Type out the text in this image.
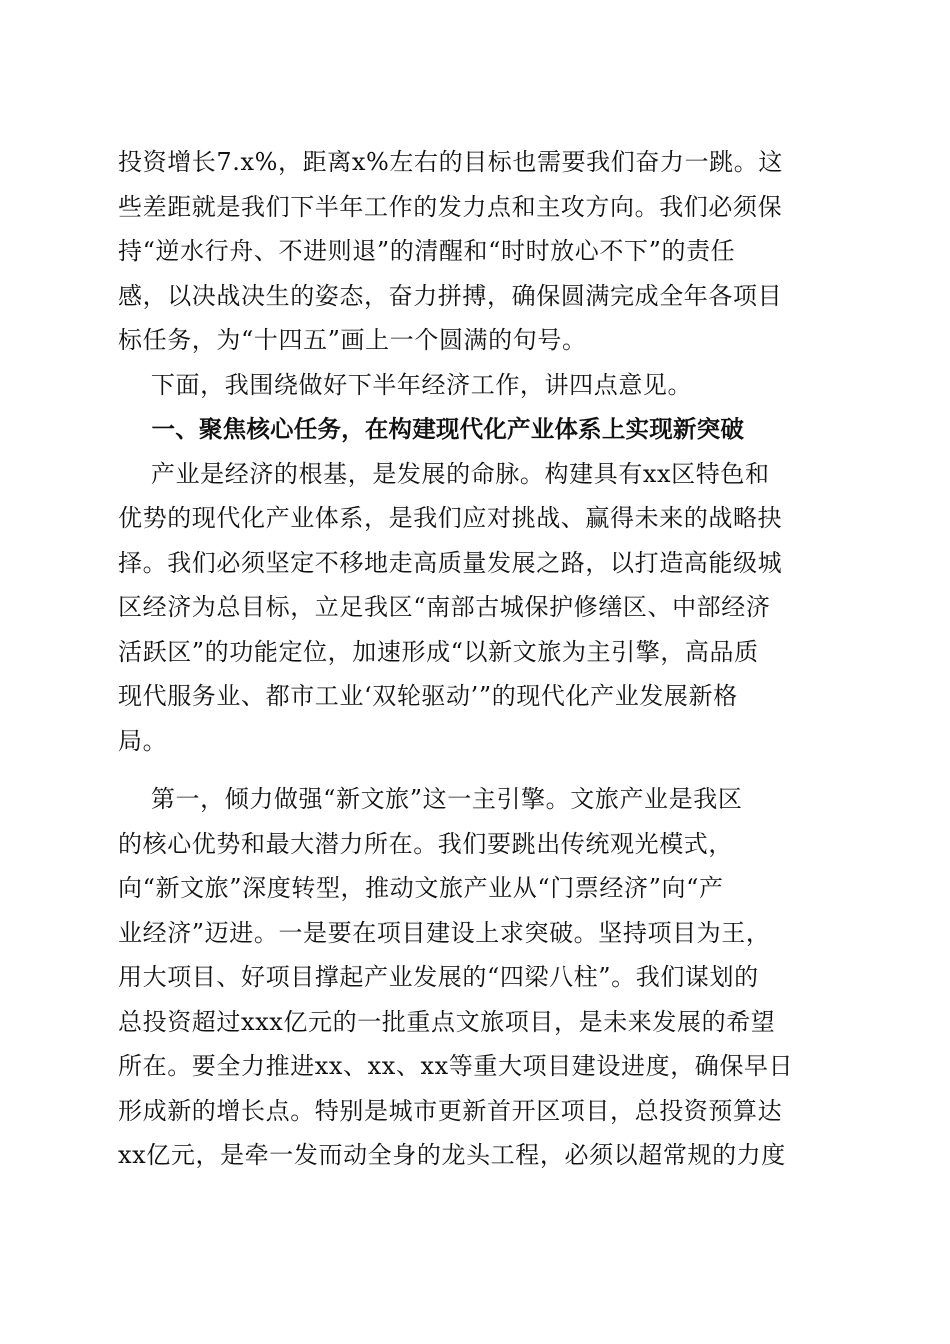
投资增长7.x%，距离x%左右的目标也需要我们奋力一跳。这
些差距就是我们下半年工作的发力点和主攻方向。我们必须保
持“逆水行舟、不进则退”的清醒和“时时放心不下”的责任
感，以决战决生的姿态，奋力拼搏，确保圆满完成全年各项目
标任务，为“十四五”画上一个圆满的句号。
下面，我围绕做好下半年经济工作，讲四点意见。
一、聚焦核心任务，在构建现代化产业体系上实现新突破
产业是经济的根基，是发展的命脉。构建具有xx区特色和
优势的现代化产业体系，是我们应对挑战、赢得未来的战略抉
择。我们必须坚定不移地走高质量发展之路，以打造高能级城
区经济为总目标，立足我区“南部古城保护修缮区、中部经济
活跃区”的功能定位，加速形成“以新文旅为主引擎，高品质
现代服务业、都市工业‘双轮驱动’”的现代化产业发展新格
局。
第一，倾力做强“新文旅”这一主引擎。文旅产业是我区
的核心优势和最大潜力所在。我们要跳出传统观光模式，
向“新文旅”深度转型，推动文旅产业从“门票经济”向“产
业经济”迈进。一是要在项目建设上求突破。坚持项目为王，
用大项目、好项目撑起产业发展的“四梁八柱”。我们谋划的
总投资超过xxx亿元的一批重点文旅项目，是未来发展的希望
所在。要全力推进xx、xx、xx等重大项目建设进度，确保早日
形成新的增长点。特别是城市更新首开区项目，总投资预算达
xx亿元，是牵一发而动全身的龙头工程，必须以超常规的力度
